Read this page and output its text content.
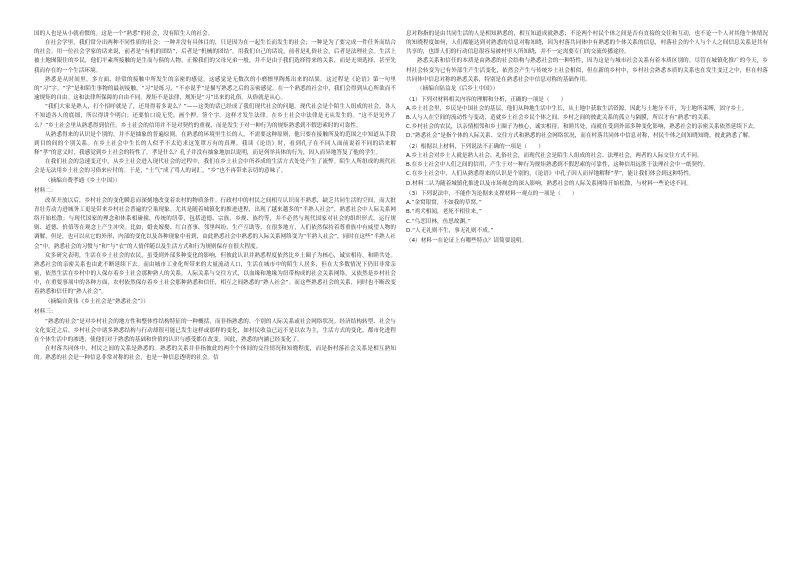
国的人也是从小就看惯的。这是一个“熟悉”的社会，没有陌生人的社会。

在社会学里，我们常分出两种不同性质的社会：一种并没有具体目的，只是因为在一起生长而发生的社会；一种是为了要完成一件任务而结合的社会。用一位社会学家的话来说，前者是“有机的团结”，后者是“机械的团结”。用我们自己的话说，前者是礼俗社会，后者是法理社会。生活上被土地囿限住的乡民，他们平素所接触的是生而与俱的人物，正像我们的父母兄弟一般，并不是由于我们选择得来的关系，而是无须选择，甚至先我而存在的一个生活环境。

熟悉是从时间里，多方面、经常的接触中所发生的亲密的感觉。这感觉是无数次的小磨擦里陶炼出来的结果。这过程是《论语》第一句里的“习”字。“学”是和陌生事物的最初接触，“习”是练习，“不亦说乎”是描写熟悉之后的亲密感觉。在一个熟悉的社会中，我们会得到从心所欲而不逾规矩的自由。这和法律所保障的自由不同。规矩不是法律，规矩是“习”出来的礼俗。从俗就是从心。

“我们大家是熟人，打个招呼就是了，还用得着多说么？”——这类的话已经成了我们现代社会的问题。现代社会是个陌生人组成的社会，各人不知道各人的底细，所以得讲个明白；还要怕口说无凭，画个押，签个字。这样才发生法律。在乡土社会中法律是无从发生的。“这不是见外了么？”乡土社会里从熟悉得到信任。乡土社会的信用并不是对契约的重视，而是发生于对一种行为的规矩熟悉到不假思索时的可靠性。

从熟悉得来的认识是个别的，并不是抽象的普遍原则。在熟悉的环境里生长的人，不需要这种原则，他只要在接触所及的范围之中知道从手段到目的间的个别关系。在乡土社会中生长的人似乎不太追求这笼罩万有的真理。我读《论语》时，看到孔子在不同人面前说着不同的话来解释“孝”的意义时，我感觉到乡土社会的特性了。孝是什么？孔子并没有抽象地加以说明，而是列举具体的行为，因人而异地答复了他的学生。

在我们社会的急速变迁中，从乡土社会进入现代社会的过程中，我们在乡土社会中所养成的生活方式处处产生了流弊。陌生人所组成的现代社会是无法用乡土社会的习俗来应付的。于是，“土气”成了骂人的词汇，“乡”也不再带来亲切的意味了。

（摘编自费孝通《乡土中国》）

材料二：

改革开放以后，乡村社会的变化瞬息而深刻地改变着农村的物质条件。行政村中的村民之间相互认识而不熟悉，缺乏共同生活的空间，而大批青壮劳动力进城务工更是带来乡村社会普遍的空巢现象。尤其是随着城镇化的推进进程，出现了越来越多的“半熟人社会”，熟悉社会中人际关系网络开始松散；与现代国家的理念和体系相碰撞，传统的纽带，包括道德、宗族、乡规、族约等，并不必然与现代国家对社会的组织形式、运行规则、道德、价值等在观念上产生冲突。比如，婚丧嫁娶、红白喜事、邻里纠纷、生产互助等，在很多地方，人们依然保持着尊重族中有威望人物的调解，但是，也可以从它的外形、内部的变化以及各种现象中看到，由此熟悉社会中熟悉的人际关系网络变为“半熟人社会”，同时在这些“半熟人社会”中，熟悉社会的习惯与“和”与“衣”的人情伴随以及生活方式和行为规则保存在很大程度。

众多研究表明，生活在乡土社会的农民，虽受到外部多种变化的影响，但彼此认识并熟悉程度依然比乡土圈子为核心，诚实相待，和睦共处。熟悉社会的亲密关系也由此不断延续下去。而由城市工业化所带来的大量流动人口，生活在城市中的陌生人居多，但在大多数情况下仍旧非常亲密，依然生活在乡村中的人保存着乡土社会那种熟人的关系。人际关系与交往方式，以血缘和地缘为纽带构成的社会关系网络，又依然是乡村社会中，在重要事项中的各种方面，农村依然保存着乡土社会那种熟悉和信任，相互之间熟悉的“熟人社会”。而这些熟悉社会的关系，同时也不断改变着熟悉和信任的“熟人社会”。

（摘编自黄伟《乡土社会是“熟悉社会”》）

材料三：

“熟悉的社会”是对乡村社会的地方性和整体性结构特征的一种概括，而非指熟悉的、个别的人际关系或社会网络状况。经济结构转型、社会与文化变迁之后，乡村社会中诸多熟悉结构与行动却很可能已发生这样或那样的变化，如村民收益已远不是以农为主，生活方式的变化，都市化进程在个体生活中的渗透，使他们对于熟悉的基础和价值的认识与感受都在改变。因此，熟悉的内涵已经变化了。

在村落共同体中，村民之间的关系是熟悉的。熟悉的关系并非指彼此的两个个体间的交往情况和知晓程度，而是指村落社会关系是相互熟知的。熟悉的社会是一种信息非常对称的社会，也是一种信息透明的社会。信

息对称指的是由共同生活的人是相知熟悉的，相互知道成就熟悉；不论两个村民个体之间是否有直接的交往和互动，也不论一个人对其他个体情况的知晓程度如何，人们都能达到对熟悉的信息对称知晓，因为村落共同体中有熟悉的个体关系的信息，村落社会的个人与个人之间信息关系是共有共享的，也即人们的行动信息很容易被村里人所知晓，并不一定需要专门的交流传播途径。

熟悉关系和信任的本质是由熟悉的社会结构与熟悉社会的一种特性，因为这是与城市社会关系有着本质区别的。尽管在城镇化推广的今天，乡村社会转变为已有外部生产生活变化，依然会产生与传统乡土社会相似，但在新的乡村中，乡村社会熟悉本质的关系也在发生变迁之中，但在村落共同体中信息对称的熟悉关系，特别是在熟悉社会中信息对称的基础作用。

（摘编自陆益龙《后乡土中国》）

（1）下列对材料相关内容的理解和分析，正确的一项是（　　）

A.乡土社会里，乡民是中国社会的基层，他们从种地生活中生长，从土地中获取生活资源，因此与土地分不开，为土地所束缚，固守乡土。

B.人与人在空间的流动性与变动，造就乡土社会乡民个体之间、乡村之间的彼此关系的孤立与隔膜，所以才有“熟悉”的关系。

C.乡村社会的农民，以亲情相邻和乡土圈子为核心，诚实相待，和睦共处，而就在受到外部多种变化影响，熟悉社会的亲密关系依然延续下去。

D.“熟悉社会”是指个体的人际关系、交往方式和熟悉的社会网络状况，而在村落共同体中信息对称，村民个体之间知晓知晓、彼此熟悉了解。

（2）根据以上材料，下列说法不正确的一项是（　　）

A.乡土社会对乡土人就是熟人社会、礼俗社会，而现代社会是陌生人组成的社会、法理社会，两者的人际交往方式不同。

B.在乡土社会中人们之间的信用，产生于对一种行为规矩熟悉到不假思索的可靠性，这种信用远胜于法理社会中一纸契约。

C.在乡土社会中，人们从熟悉得来的认识是个别的，《论语》中孔子因人而异地解释“孝”，能让我们体会到这种特性。

D.材料二认为随着城镇化推进以及市场观念的深入影响，熟悉社会的人际关系网络开始松散，与材料一些论述不同。

（3）下列说法中，不能作为论据来支撑材料一观点的一项是（　　）

A.“金窝银窝，不如我的草窝。”

B.“鸡犬相闻，老死不相往来。”

C.“鸟恋旧林，鱼思故渊。”

D.“人无礼则不生，事无礼则不成。”

（4）材料一在论证上有哪些特点？请简要说明。
